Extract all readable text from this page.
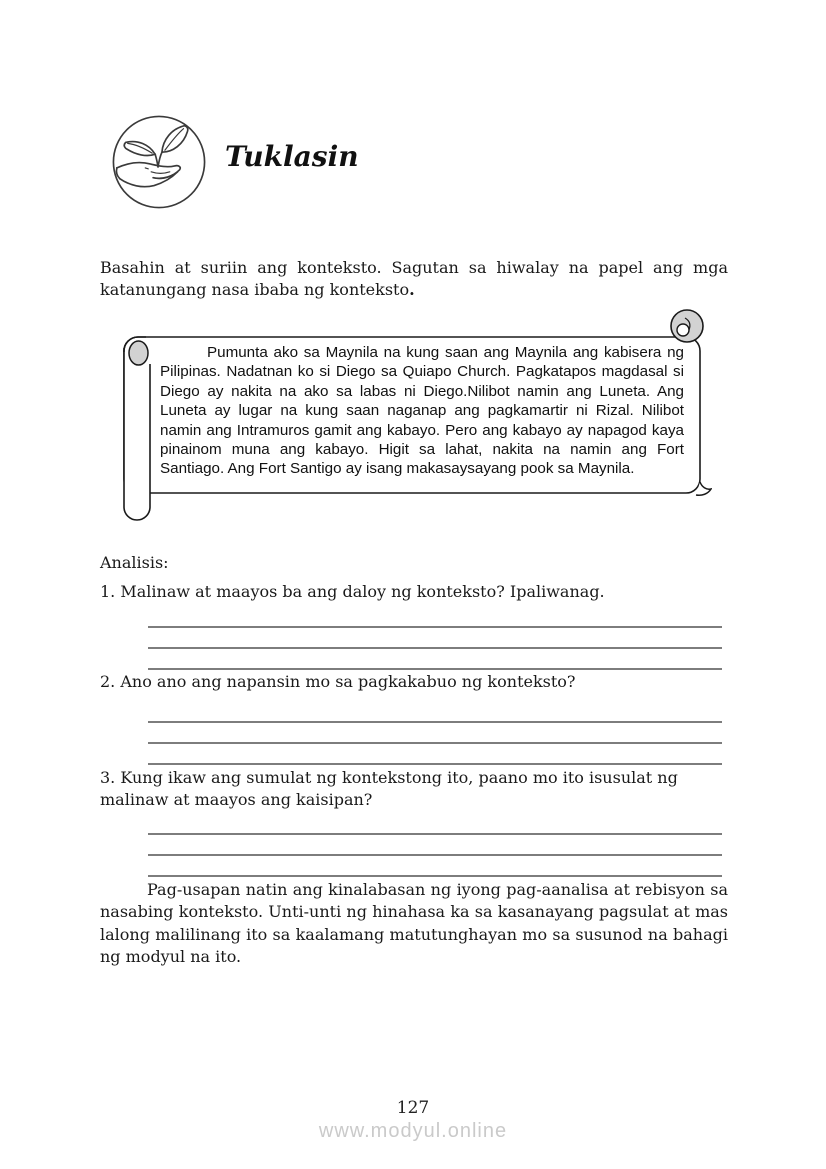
Tuklasin
Basahin at suriin ang konteksto. Sagutan sa hiwalay na papel ang mga katanungang nasa ibaba ng konteksto.
Pumunta ako sa Maynila na kung saan ang Maynila ang kabisera ng Pilipinas. Nadatnan ko si Diego sa Quiapo Church. Pagkatapos magdasal si Diego ay nakita na ako sa labas ni Diego.Nilibot namin ang Luneta. Ang Luneta ay lugar na kung saan naganap ang pagkamartir ni Rizal. Nilibot namin ang Intramuros gamit ang kabayo. Pero ang kabayo ay napagod kaya pinainom muna ang kabayo. Higit sa lahat, nakita na namin ang Fort Santiago. Ang Fort Santigo ay isang makasaysayang pook sa Maynila.
Analisis:
1. Malinaw at maayos ba ang daloy ng konteksto? Ipaliwanag.
2. Ano ano ang napansin mo sa pagkakabuo ng konteksto?
3. Kung ikaw ang sumulat ng kontekstong ito, paano mo ito isusulat ng malinaw at maayos ang kaisipan?
Pag-usapan natin ang kinalabasan ng iyong pag-aanalisa at rebisyon sa nasabing konteksto. Unti-unti ng hinahasa ka sa kasanayang pagsulat at mas lalong malilinang ito sa kaalamang matutunghayan mo sa susunod na bahagi ng modyul na ito.
127
www.modyul.online
